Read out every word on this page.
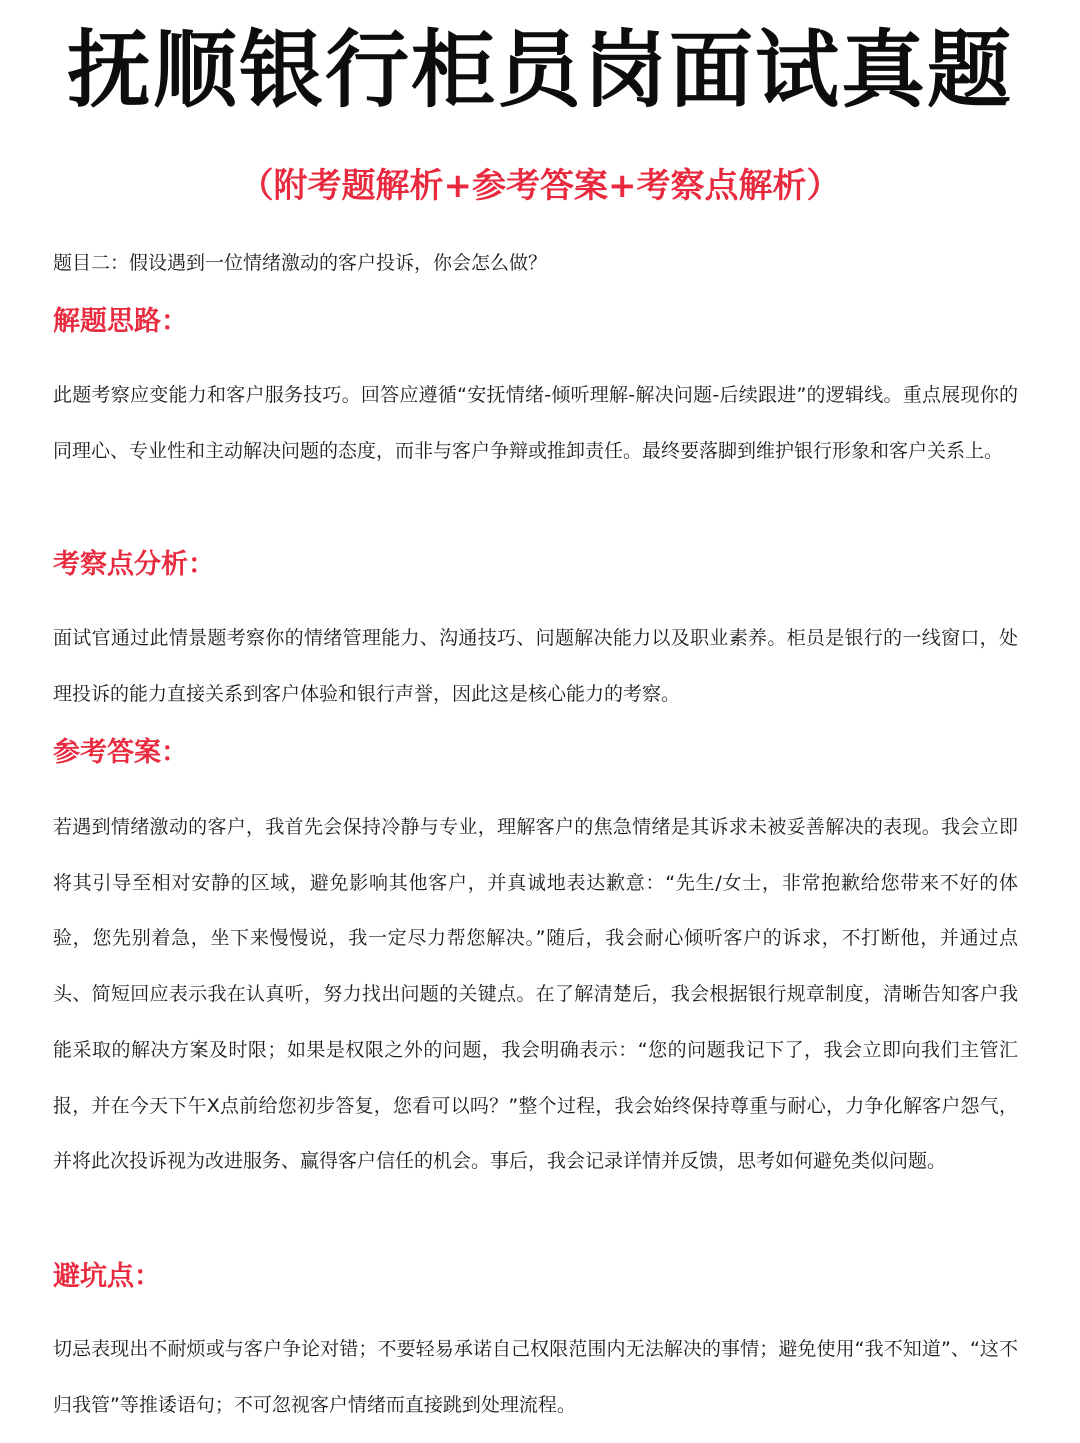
抚顺银行柜员岗面试真题
（附考题解析+参考答案+考察点解析）
题目二：假设遇到一位情绪激动的客户投诉，你会怎么做？
解题思路：
此题考察应变能力和客户服务技巧。回答应遵循“安抚情绪-倾听理解-解决问题-后续跟进”的逻辑线。重点展现你的同理心、专业性和主动解决问题的态度，而非与客户争辩或推卸责任。最终要落脚到维护银行形象和客户关系上。
考察点分析：
面试官通过此情景题考察你的情绪管理能力、沟通技巧、问题解决能力以及职业素养。柜员是银行的一线窗口，处理投诉的能力直接关系到客户体验和银行声誉，因此这是核心能力的考察。
参考答案：
若遇到情绪激动的客户，我首先会保持冷静与专业，理解客户的焦急情绪是其诉求未被妥善解决的表现。我会立即将其引导至相对安静的区域，避免影响其他客户，并真诚地表达歉意：“先生/女士，非常抱歉给您带来不好的体验，您先别着急，坐下来慢慢说，我一定尽力帮您解决。”随后，我会耐心倾听客户的诉求，不打断他，并通过点头、简短回应表示我在认真听，努力找出问题的关键点。在了解清楚后，我会根据银行规章制度，清晰告知客户我能采取的解决方案及时限；如果是权限之外的问题，我会明确表示：“您的问题我记下了，我会立即向我们主管汇报，并在今天下午X点前给您初步答复，您看可以吗？”整个过程，我会始终保持尊重与耐心，力争化解客户怨气，并将此次投诉视为改进服务、赢得客户信任的机会。事后，我会记录详情并反馈，思考如何避免类似问题。
避坑点：
切忌表现出不耐烦或与客户争论对错；不要轻易承诺自己权限范围内无法解决的事情；避免使用“我不知道”、“这不归我管”等推诿语句；不可忽视客户情绪而直接跳到处理流程。
